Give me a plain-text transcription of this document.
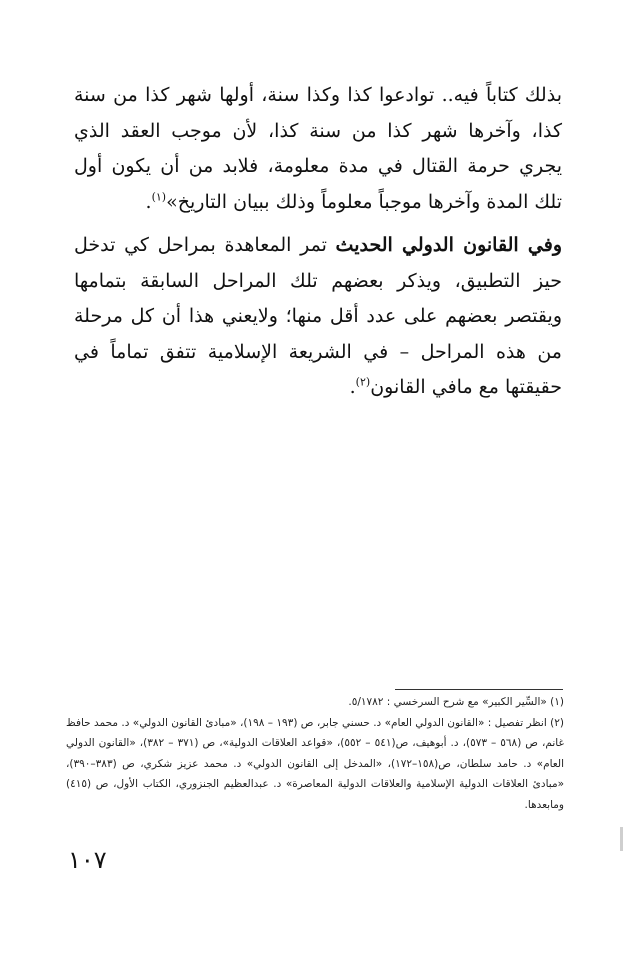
بذلك كتاباً فيه.. توادعوا كذا وكذا سنة، أولها شهر كذا من سنة كذا، وآخرها شهر كذا من سنة كذا، لأن موجب العقد الذي يجري حرمة القتال في مدة معلومة، فلابد من أن يكون أول تلك المدة وآخرها موجباً معلوماً وذلك ببيان التاريخ»$^{(١)}$.

وفي القانون الدولي الحديث تمر المعاهدة بمراحل كي تدخل حيز التطبيق، ويذكر بعضهم تلك المراحل السابقة بتمامها ويقتصر بعضهم على عدد أقل منها؛ ولايعني هذا أن كل مرحلة من هذه المراحل – في الشريعة الإسلامية تتفق تماماً في حقيقتها مع مافي القانون$^{(٢)}$.

(١) «السِّير الكبير» مع شرح السرخسي : ٥/١٧٨٢.
(٢) انظر تفصيل : «القانون الدولي العام» د. حسني جابر، ص (١٩٣ – ١٩٨)، «مبادئ القانون الدولي» د. محمد حافظ غانم، ص (٥٦٨ – ٥٧٣)، د. أبوهيف، ص(٥٤١ – ٥٥٢)، «قواعد العلاقات الدولية»، ص (٣٧١ – ٣٨٢)، «القانون الدولي العام» د. حامد سلطان، ص(١٥٨–١٧٢)، «المدخل إلى القانون الدولي» د. محمد عزيز شكري، ص (٣٨٣–٣٩٠)، «مبادئ العلاقات الدولية الإسلامية والعلاقات الدولية المعاصرة» د. عبدالعظيم الجنزوري، الكتاب الأول، ص (٤١٥) ومابعدها.
١٠٧
